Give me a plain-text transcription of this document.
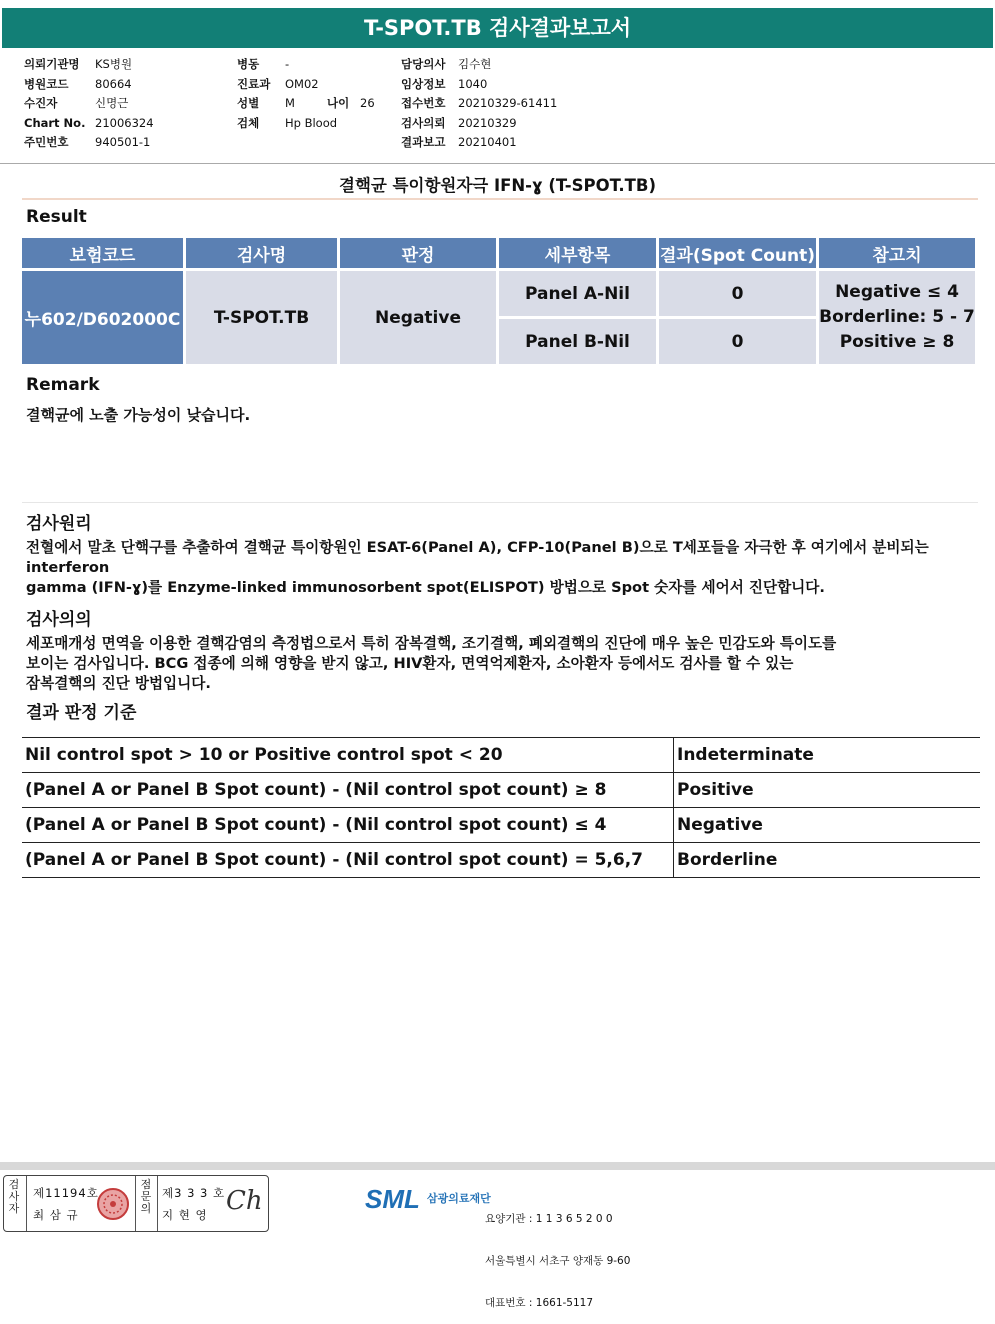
T-SPOT.TB 검사결과보고서
의뢰기관명 KS병원
병원코드 80664
수진자	신명근
Chart No. 21006324
주민번호 940501-1
병동 -
진료과 OM02
성별 M	나이 26
검체 Hp Blood
담당의사 김수현
임상정보 1040
접수번호 20210329-61411
검사의뢰 20210329
결과보고 20210401
결핵균 특이항원자극 IFN-ɣ (T-SPOT.TB)
Result
보험코드	검사명	판정	세부항목	결과(Spot Count)	참고치
누602/D602000C	T-SPOT.TB	Negative	Panel A-Nil	0	Negative ≤ 4
Borderline: 5 - 7
Positive ≥ 8

			Panel B-Nil	0	
Remark
결핵균에 노출 가능성이 낮습니다.
검사원리
전혈에서 말초 단핵구를 추출하여 결핵균 특이항원인 ESAT-6(Panel A), CFP-10(Panel B)으로 T세포들을 자극한 후 여기에서 분비되는
interferon
gamma (IFN-ɣ)를 Enzyme-linked immunosorbent spot(ELISPOT) 방법으로 Spot 숫자를 세어서 진단합니다.
검사의의
세포매개성 면역을 이용한 결핵감염의 측정법으로서 특히 잠복결핵, 조기결핵, 폐외결핵의 진단에 매우 높은 민감도와 특이도를
보이는 검사입니다. BCG 접종에 의해 영향을 받지 않고, HIV환자, 면역억제환자, 소아환자 등에서도 검사를 할 수 있는
잠복결핵의 진단 방법입니다.
결과 판정 기준
Nil control spot > 10 or Positive control spot < 20	Indeterminate
(Panel A or Panel B Spot count) - (Nil control spot count) ≥ 8	Positive
(Panel A or Panel B Spot count) - (Nil control spot count) ≤ 4	Negative
(Panel A or Panel B Spot count) - (Nil control spot count) = 5,6,7	Borderline
검사자
제11194호
최 삼 규
점문의
제3 3 3 호
지 현 영 Ch	SML $^{삼광의료재단}$

요양기관 : 1 1 3 6 5 2 0 0

서울특별시 서초구 양재동 9-60

대표번호 : 1661-5117
